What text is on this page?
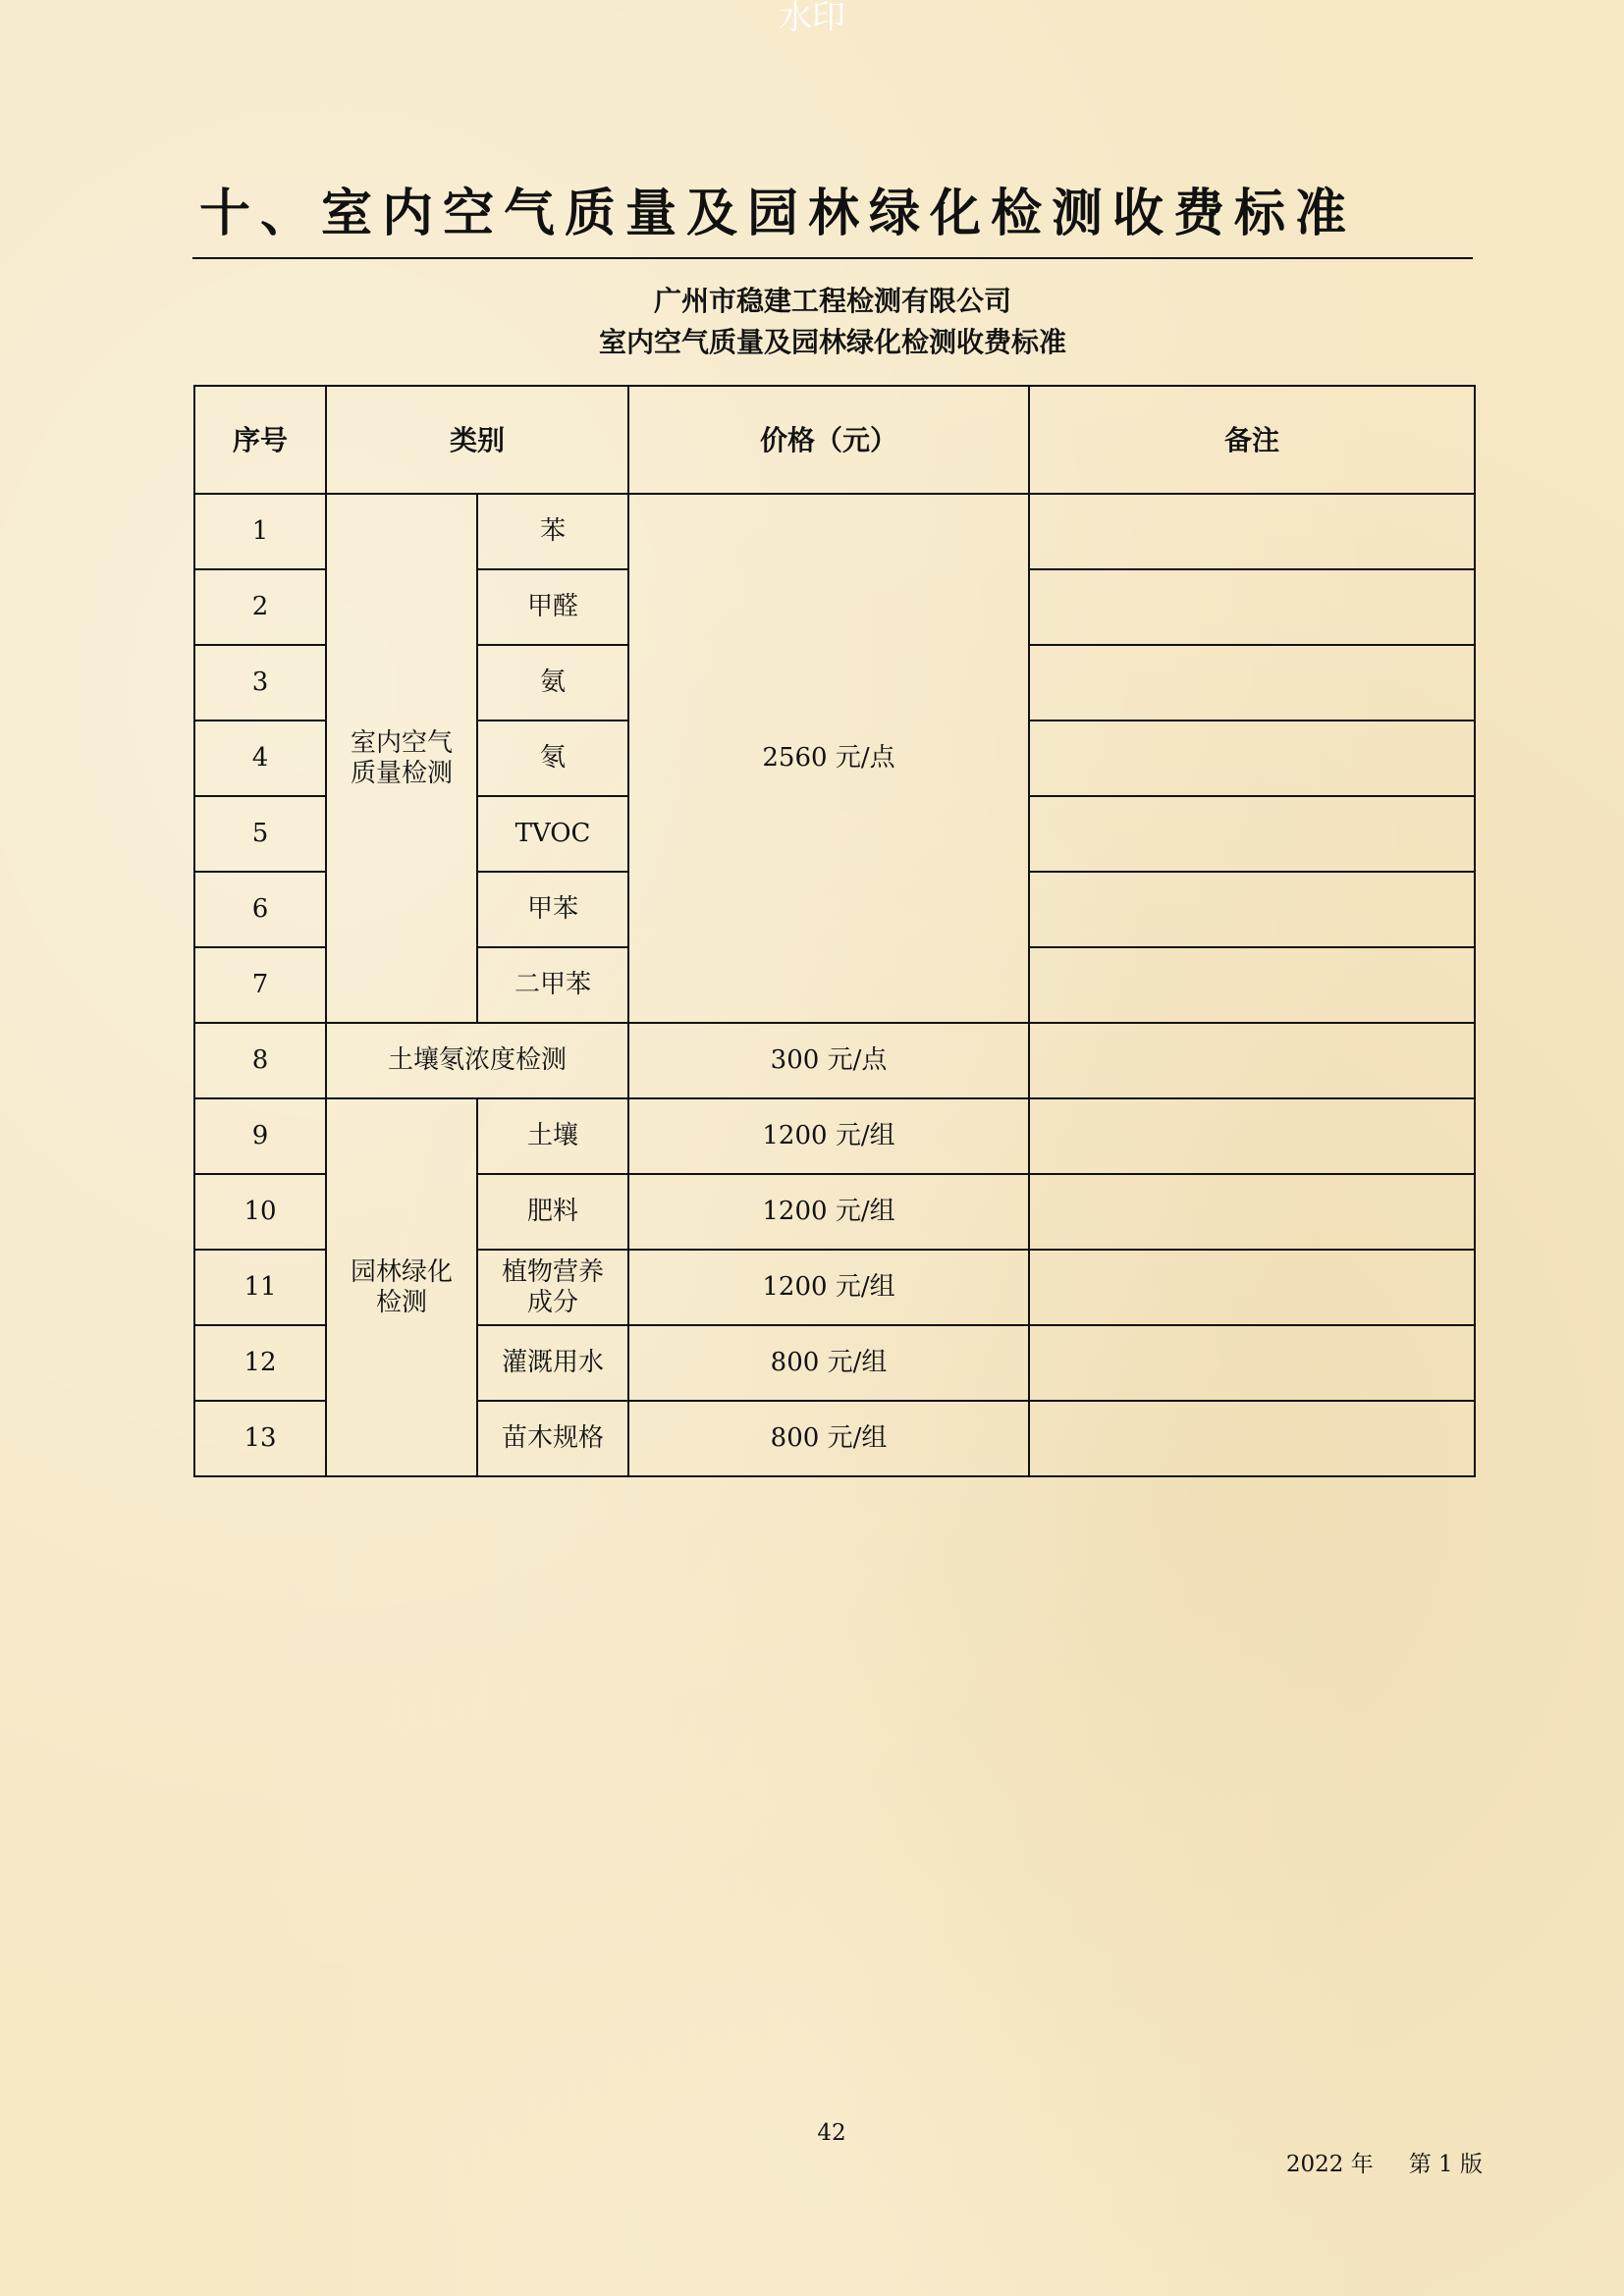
水印
十、室内空气质量及园林绿化检测收费标准
广州市稳建工程检测有限公司
室内空气质量及园林绿化检测收费标准
序号	类别		价格（元）	备注
1	室内空气质量检测	苯	2560 元/点	
2		甲醛		
3		氨		
4		氡		
5		TVOC		
6		甲苯		
7		二甲苯		
8	土壤氡浓度检测		300 元/点	
9	园林绿化检测	土壤	1200 元/组	
10		肥料	1200 元/组	
11		植物营养成分	1200 元/组	
12		灌溉用水	800 元/组	
13		苗木规格	800 元/组	
42
2022 年 第 1 版
